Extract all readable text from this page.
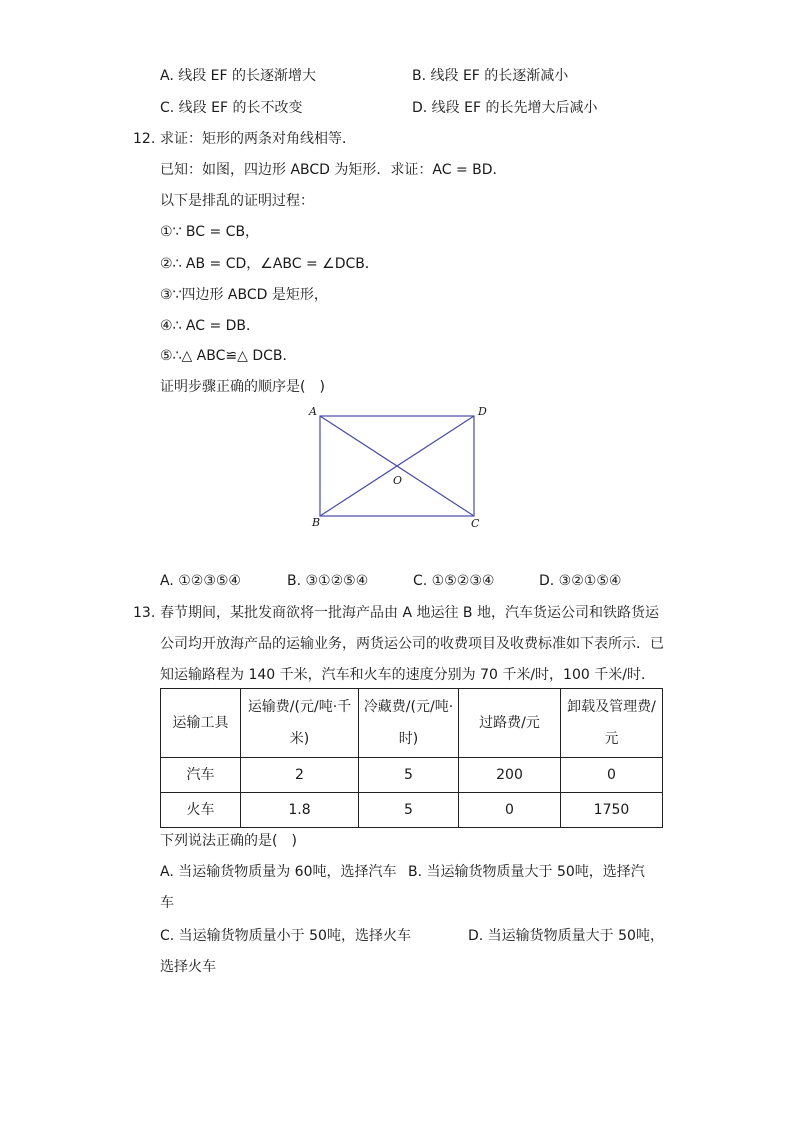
A. 线段 EF 的长逐渐增大	B. 线段 EF 的长逐渐减小
C. 线段 EF 的长不改变	D. 线段 EF 的长先增大后减小
12. 求证：矩形的两条对角线相等．
已知：如图，四边形 ABCD 为矩形．求证：AC = BD．
以下是排乱的证明过程：
①∵ BC = CB，
②∴ AB = CD，∠ABC = ∠DCB．
③∵四边形 ABCD 是矩形，
④∴ AC = DB．
⑤∴△ ABC≌△ DCB．
证明步骤正确的顺序是(　)
A	D
O
B	C
A. ①②③⑤④	B. ③①②⑤④	C. ①⑤②③④	D. ③②①⑤④
13. 春节期间，某批发商欲将一批海产品由 A 地运往 B 地，汽车货运公司和铁路货运
公司均开放海产品的运输业务，两货运公司的收费项目及收费标准如下表所示．已
知运输路程为 140 千米，汽车和火车的速度分别为 70 千米/时，100 千米/时．
运输工具	运输费/(元/吨·千米)	冷藏费/(元/吨·时)	过路费/元	卸载及管理费/元
汽车	2	5	200	0
火车	1.8	5	0	1750
下列说法正确的是(　)
A. 当运输货物质量为 60吨，选择汽车 B. 当运输货物质量大于 50吨，选择汽
车
C. 当运输货物质量小于 50吨，选择火车	D. 当运输货物质量大于 50吨，
选择火车
